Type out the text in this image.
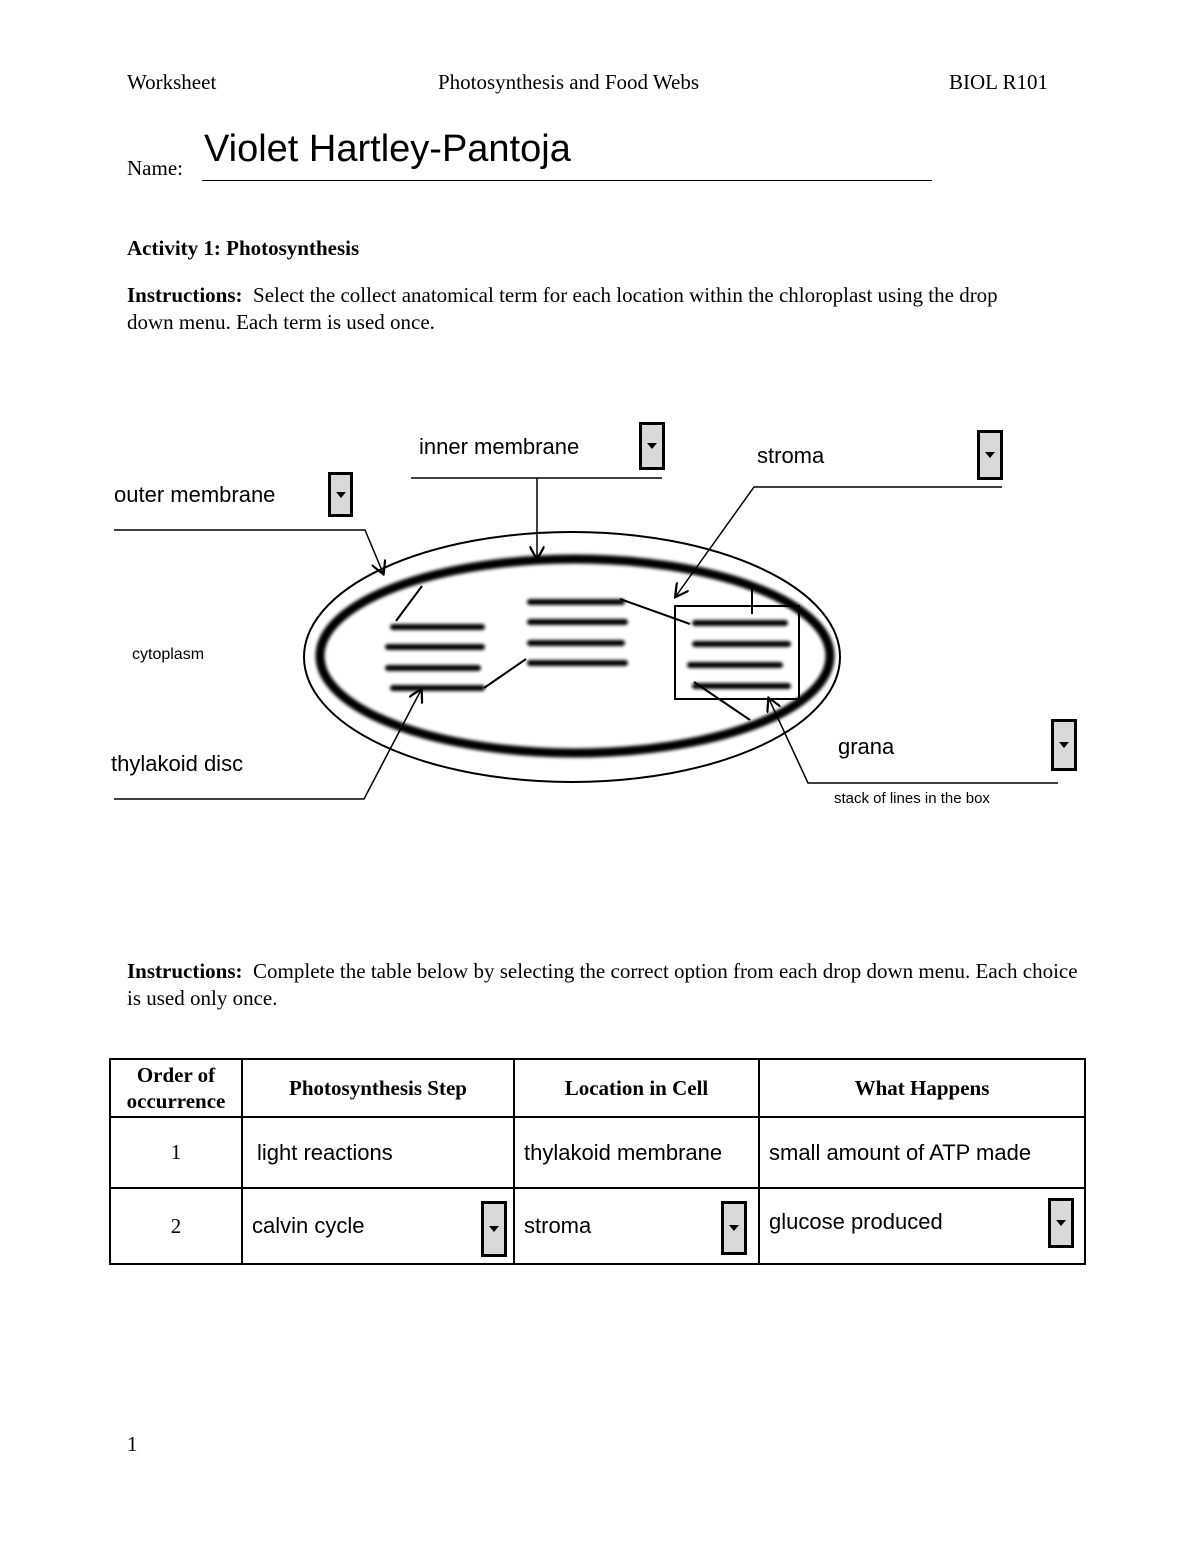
Worksheet	Photosynthesis and Food Webs	BIOL R101
Name: Violet Hartley-Pantoja
Activity 1: Photosynthesis
Instructions: Select the collect anatomical term for each location within the chloroplast using the drop down menu. Each term is used once.
outer membrane
inner membrane	stroma
cytoplasm
thylakoid disc
grana
stack of lines in the box
Instructions: Complete the table below by selecting the correct option from each drop down menu. Each choice is used only once.
Order of occurrence	Photosynthesis Step	Location in Cell	What Happens
1	light reactions	thylakoid membrane	small amount of ATP made
2	calvin cycle	stroma	glucose produced
1
